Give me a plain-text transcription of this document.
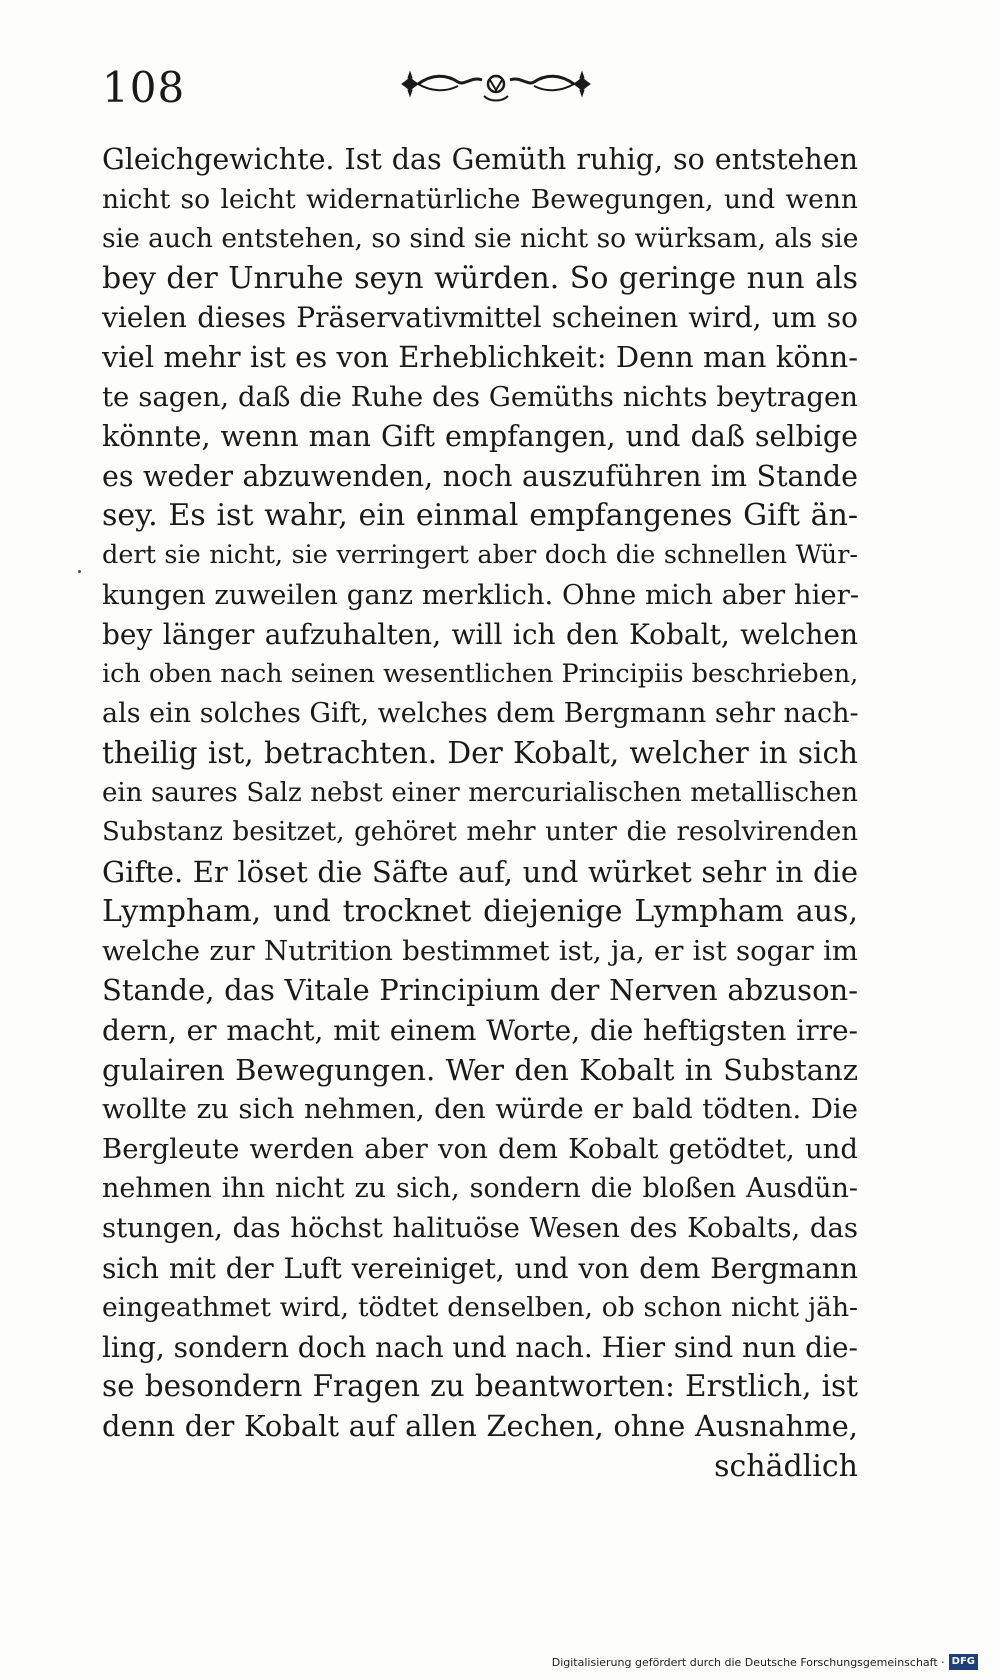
108
Gleichgewichte. Ist das Gemüth ruhig, so entstehen
nicht so leicht widernatürliche Bewegungen, und wenn
sie auch entstehen, so sind sie nicht so würksam, als sie
bey der Unruhe seyn würden. So geringe nun als
vielen dieses Präservativmittel scheinen wird, um so
viel mehr ist es von Erheblichkeit: Denn man könn-
te sagen, daß die Ruhe des Gemüths nichts beytragen
könnte, wenn man Gift empfangen, und daß selbige
es weder abzuwenden, noch auszuführen im Stande
sey. Es ist wahr, ein einmal empfangenes Gift än-
dert sie nicht, sie verringert aber doch die schnellen Wür-
kungen zuweilen ganz merklich. Ohne mich aber hier-
bey länger aufzuhalten, will ich den Kobalt, welchen
ich oben nach seinen wesentlichen Principiis beschrieben,
als ein solches Gift, welches dem Bergmann sehr nach-
theilig ist, betrachten. Der Kobalt, welcher in sich
ein saures Salz nebst einer mercurialischen metallischen
Substanz besitzet, gehöret mehr unter die resolvirenden
Gifte. Er löset die Säfte auf, und würket sehr in die
Lympham, und trocknet diejenige Lympham aus,
welche zur Nutrition bestimmet ist, ja, er ist sogar im
Stande, das Vitale Principium der Nerven abzuson-
dern, er macht, mit einem Worte, die heftigsten irre-
gulairen Bewegungen. Wer den Kobalt in Substanz
wollte zu sich nehmen, den würde er bald tödten. Die
Bergleute werden aber von dem Kobalt getödtet, und
nehmen ihn nicht zu sich, sondern die bloßen Ausdün-
stungen, das höchst halituöse Wesen des Kobalts, das
sich mit der Luft vereiniget, und von dem Bergmann
eingeathmet wird, tödtet denselben, ob schon nicht jäh-
ling, sondern doch nach und nach. Hier sind nun die-
se besondern Fragen zu beantworten: Erstlich, ist
denn der Kobalt auf allen Zechen, ohne Ausnahme,
schädlich
Digitalisierung gefördert durch die Deutsche Forschungsgemeinschaft · DFG
